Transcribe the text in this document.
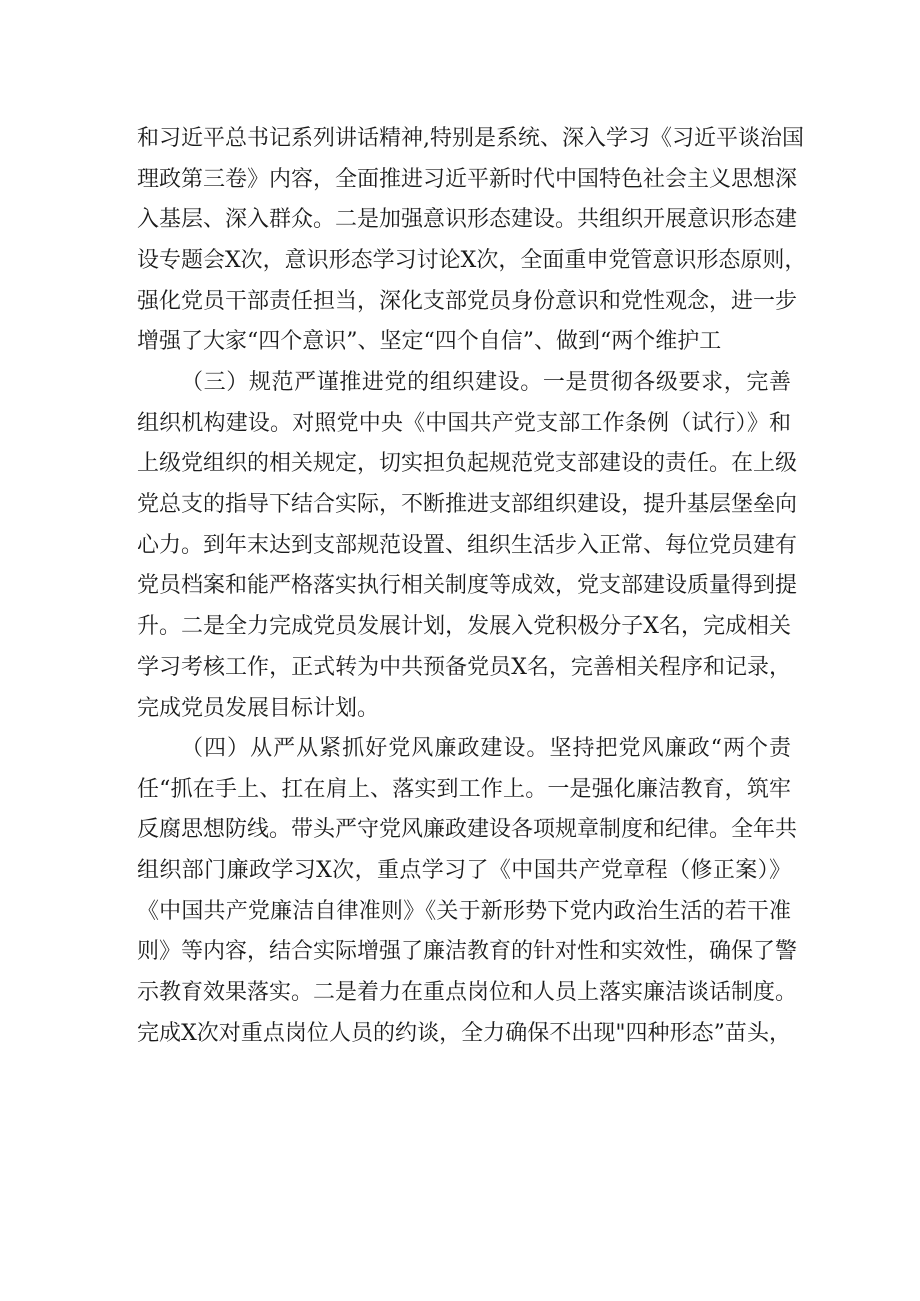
和习近平总书记系列讲话精神,特别是系统、深入学习《习近平谈治国
理政第三卷》内容，全面推进习近平新时代中国特色社会主义思想深
入基层、深入群众。二是加强意识形态建设。共组织开展意识形态建
设专题会X次，意识形态学习讨论X次，全面重申党管意识形态原则，
强化党员干部责任担当，深化支部党员身份意识和党性观念，进一步
增强了大家“四个意识”、坚定“四个自信”、做到“两个维护工
（三）规范严谨推进党的组织建设。一是贯彻各级要求，完善
组织机构建设。对照党中央《中国共产党支部工作条例（试行）》和
上级党组织的相关规定，切实担负起规范党支部建设的责任。在上级
党总支的指导下结合实际，不断推进支部组织建设，提升基层堡垒向
心力。到年末达到支部规范设置、组织生活步入正常、每位党员建有
党员档案和能严格落实执行相关制度等成效，党支部建设质量得到提
升。二是全力完成党员发展计划，发展入党积极分子X名，完成相关
学习考核工作，正式转为中共预备党员X名，完善相关程序和记录，
完成党员发展目标计划。
（四）从严从紧抓好党风廉政建设。坚持把党风廉政“两个责
任“抓在手上、扛在肩上、落实到工作上。一是强化廉洁教育，筑牢
反腐思想防线。带头严守党风廉政建设各项规章制度和纪律。全年共
组织部门廉政学习X次，重点学习了《中国共产党章程（修正案）》
《中国共产党廉洁自律准则》《关于新形势下党内政治生活的若干准
则》等内容，结合实际增强了廉洁教育的针对性和实效性，确保了警
示教育效果落实。二是着力在重点岗位和人员上落实廉洁谈话制度。
完成X次对重点岗位人员的约谈，全力确保不出现"四种形态”苗头，
